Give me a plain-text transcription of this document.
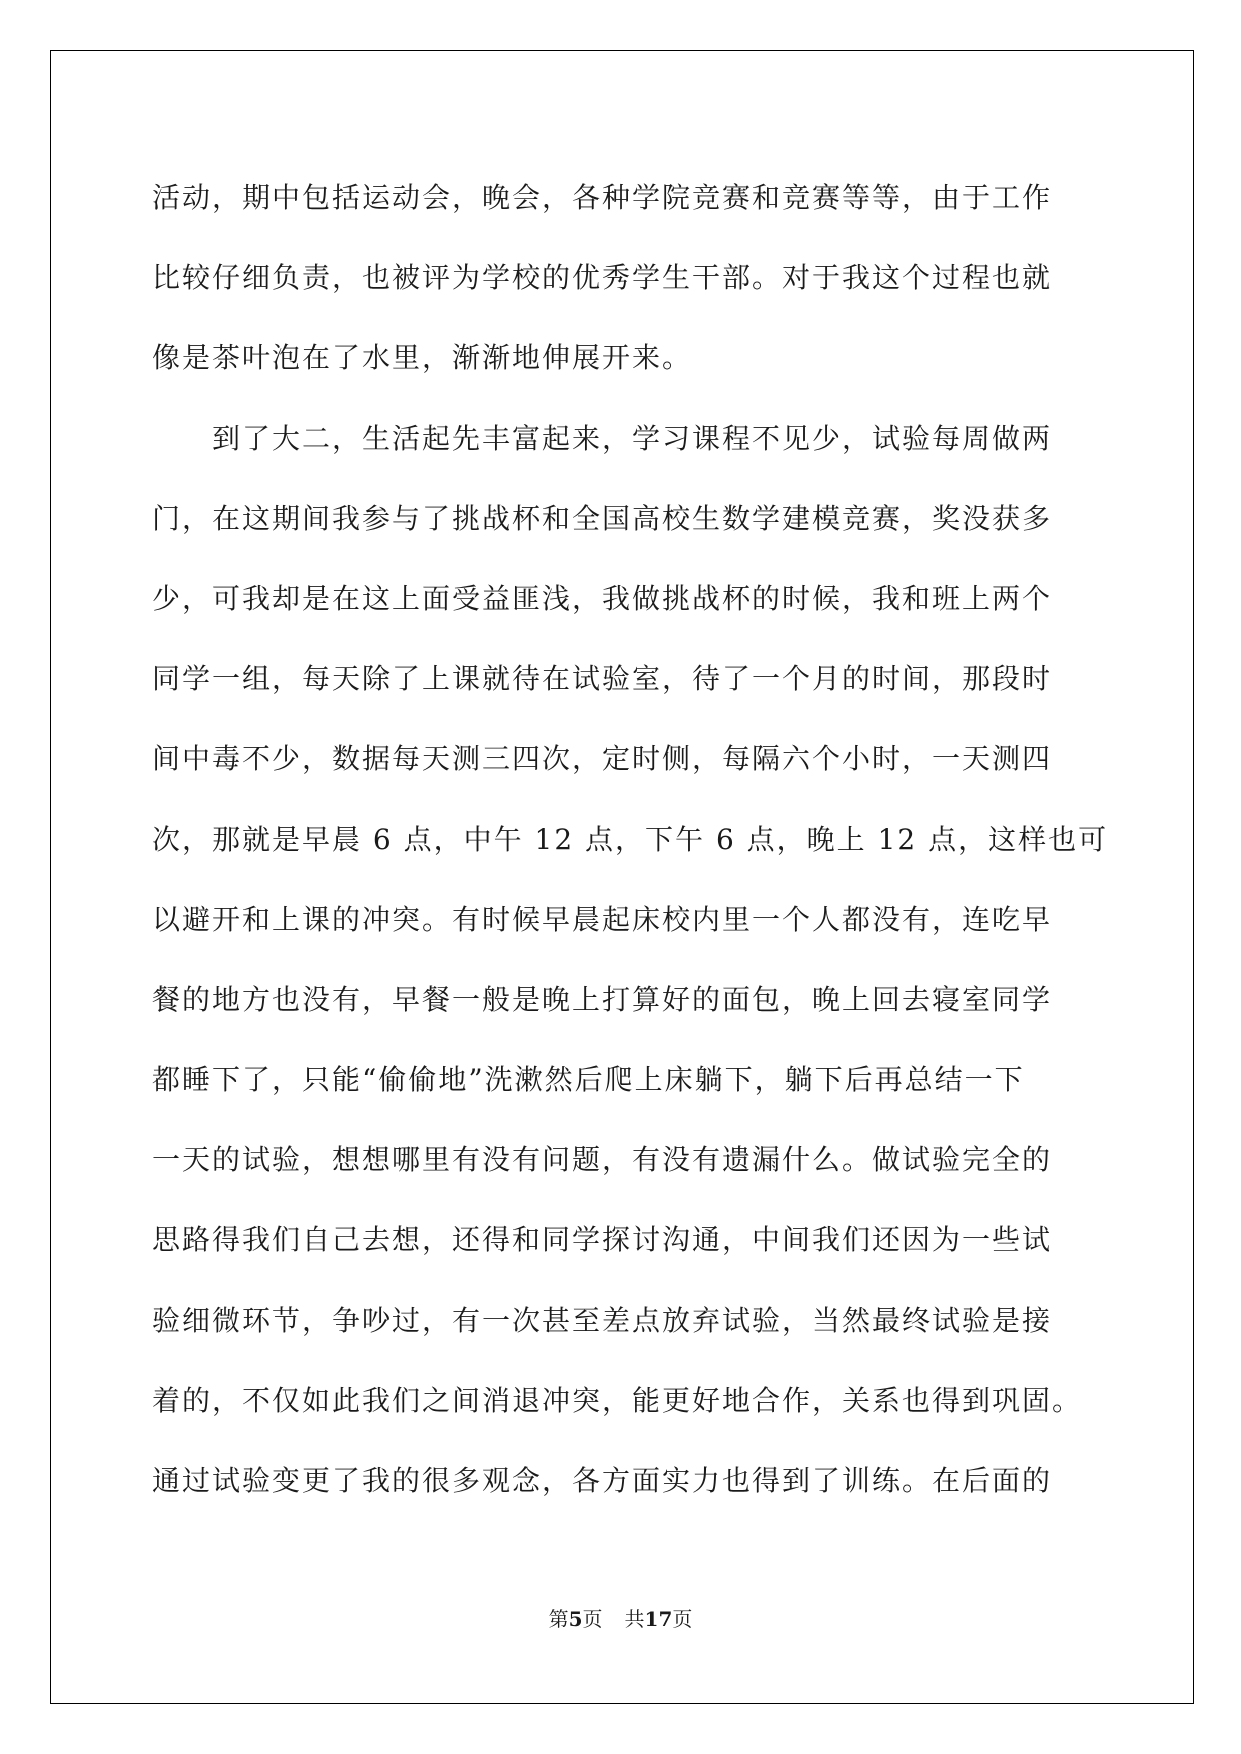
活动，期中包括运动会，晚会，各种学院竞赛和竞赛等等，由于工作
比较仔细负责，也被评为学校的优秀学生干部。对于我这个过程也就
像是茶叶泡在了水里，渐渐地伸展开来。
到了大二，生活起先丰富起来，学习课程不见少，试验每周做两
门，在这期间我参与了挑战杯和全国高校生数学建模竞赛，奖没获多
少，可我却是在这上面受益匪浅，我做挑战杯的时候，我和班上两个
同学一组，每天除了上课就待在试验室，待了一个月的时间，那段时
间中毒不少，数据每天测三四次，定时侧，每隔六个小时，一天测四
次，那就是早晨 6 点，中午 12 点，下午 6 点，晚上 12 点，这样也可
以避开和上课的冲突。有时候早晨起床校内里一个人都没有，连吃早
餐的地方也没有，早餐一般是晚上打算好的面包，晚上回去寝室同学
都睡下了，只能“偷偷地”洗漱然后爬上床躺下，躺下后再总结一下
一天的试验，想想哪里有没有问题，有没有遗漏什么。做试验完全的
思路得我们自己去想，还得和同学探讨沟通，中间我们还因为一些试
验细微环节，争吵过，有一次甚至差点放弃试验，当然最终试验是接
着的，不仅如此我们之间消退冲突，能更好地合作，关系也得到巩固。
通过试验变更了我的很多观念，各方面实力也得到了训练。在后面的
第5页 共17页
